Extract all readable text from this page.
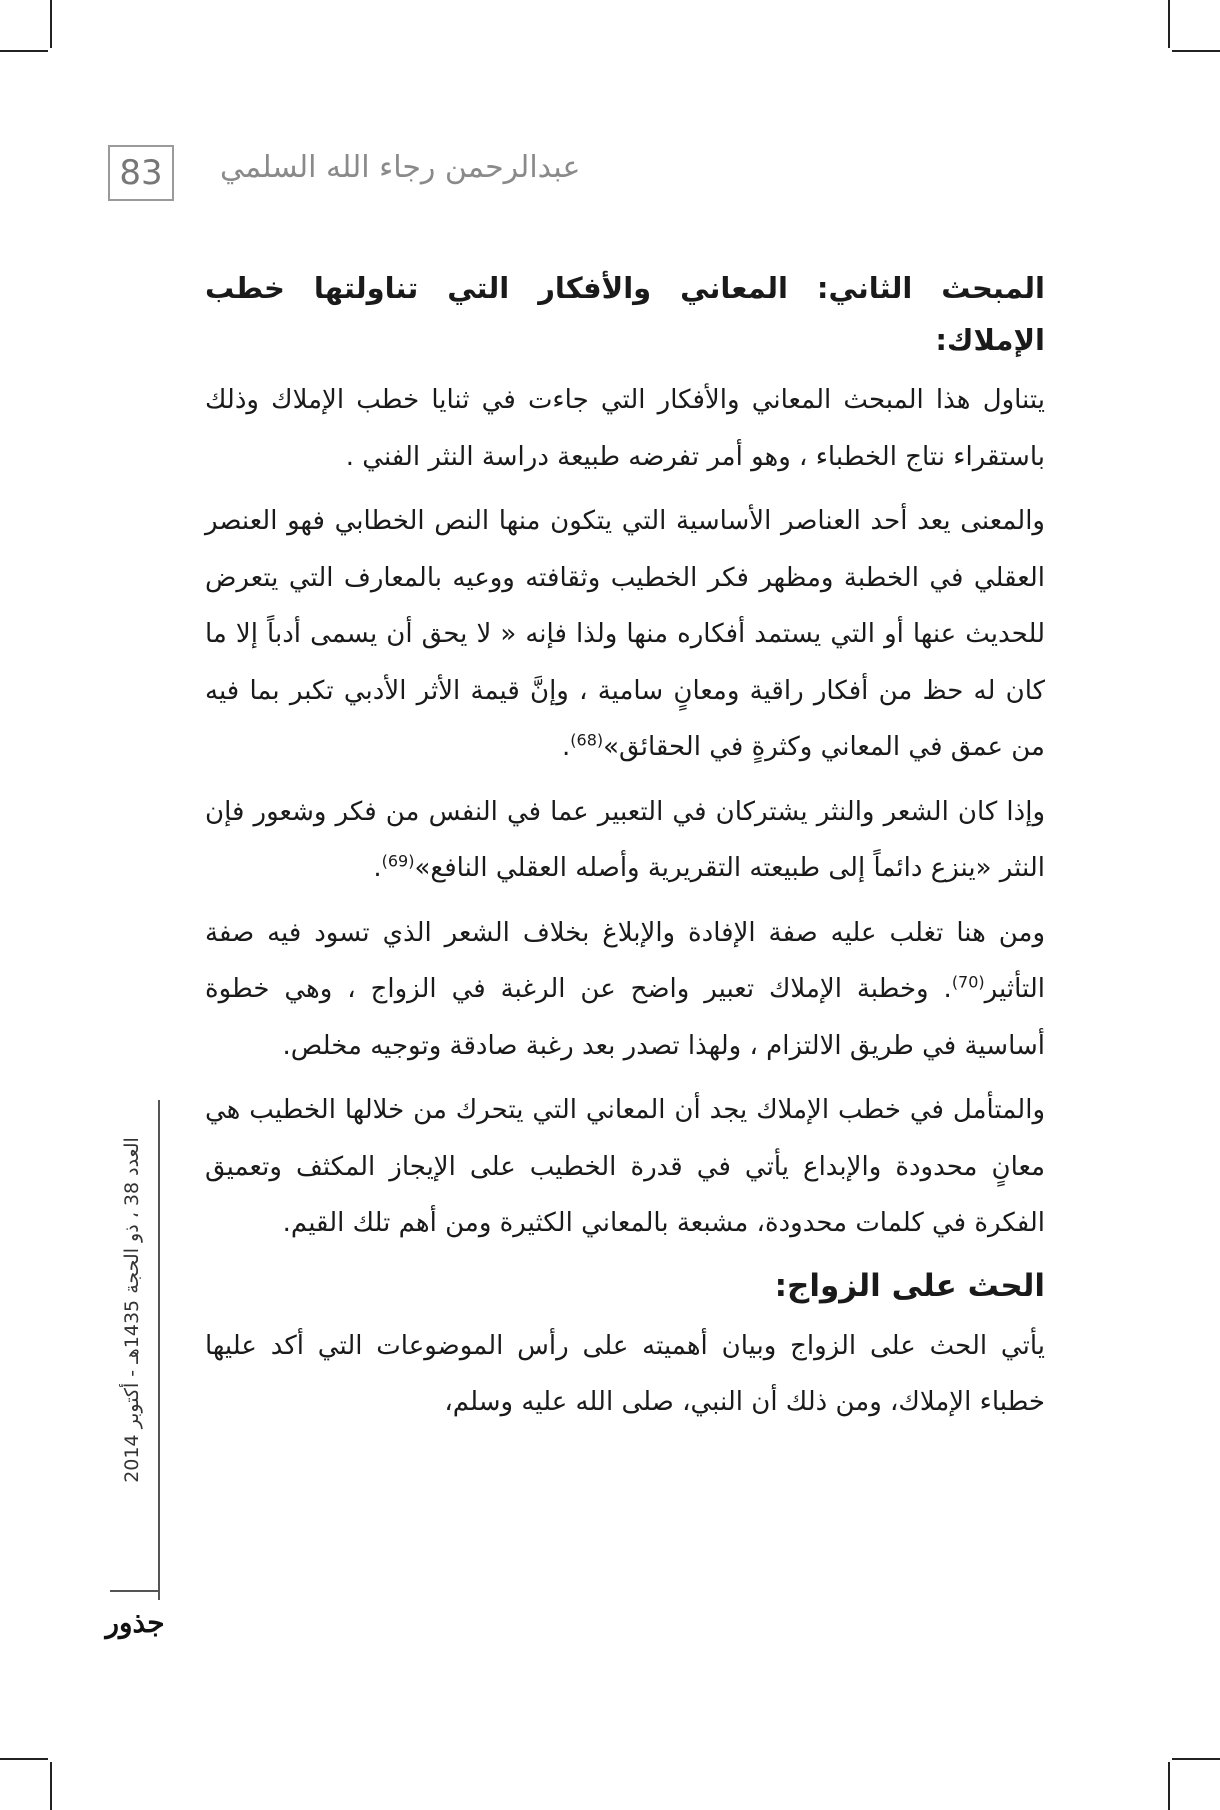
83	عبدالرحمن رجاء الله السلمي
المبحث الثاني: المعاني والأفكار التي تناولتها خطب الإملاك:

يتناول هذا المبحث المعاني والأفكار التي جاءت في ثنايا خطب الإملاك وذلك باستقراء نتاج الخطباء ، وهو أمر تفرضه طبيعة دراسة النثر الفني .

والمعنى يعد أحد العناصر الأساسية التي يتكون منها النص الخطابي فهو العنصر العقلي في الخطبة ومظهر فكر الخطيب وثقافته ووعيه بالمعارف التي يتعرض للحديث عنها أو التي يستمد أفكاره منها ولذا فإنه « لا يحق أن يسمى أدباً إلا ما كان له حظ من أفكار راقية ومعانٍ سامية ، وإنَّ قيمة الأثر الأدبي تكبر بما فيه من عمق في المعاني وكثرةٍ في الحقائق»$^{(68)}$.

وإذا كان الشعر والنثر يشتركان في التعبير عما في النفس من فكر وشعور فإن النثر «ينزع دائماً إلى طبيعته التقريرية وأصله العقلي النافع»$^{(69)}$.

ومن هنا تغلب عليه صفة الإفادة والإبلاغ بخلاف الشعر الذي تسود فيه صفة التأثير$^{(70)}$. وخطبة الإملاك تعبير واضح عن الرغبة في الزواج ، وهي خطوة أساسية في طريق الالتزام ، ولهذا تصدر بعد رغبة صادقة وتوجيه مخلص.

والمتأمل في خطب الإملاك يجد أن المعاني التي يتحرك من خلالها الخطيب هي معانٍ محدودة والإبداع يأتي في قدرة الخطيب على الإيجاز المكثف وتعميق الفكرة في كلمات محدودة، مشبعة بالمعاني الكثيرة ومن أهم تلك القيم.

الحث على الزواج:

يأتي الحث على الزواج وبيان أهميته على رأس الموضوعات التي أكد عليها خطباء الإملاك، ومن ذلك أن النبي، صلى الله عليه وسلم،

العدد 38 ، ذو الحجة 1435هـ - أكتوبر 2014
جذور
